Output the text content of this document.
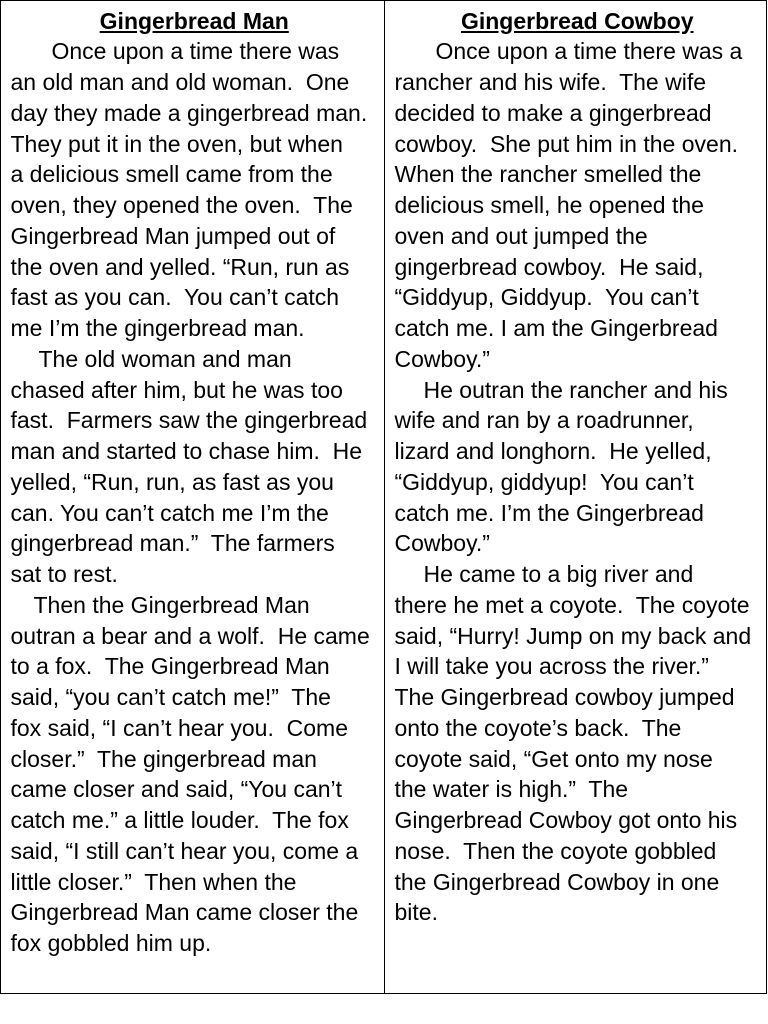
Gingerbread Man
Once upon a time there was
an old man and old woman.  One
day they made a gingerbread man.
They put it in the oven, but when
a delicious smell came from the
oven, they opened the oven.  The
Gingerbread Man jumped out of
the oven and yelled. “Run, run as
fast as you can.  You can’t catch
me I’m the gingerbread man.
The old woman and man
chased after him, but he was too
fast.  Farmers saw the gingerbread
man and started to chase him.  He
yelled, “Run, run, as fast as you
can. You can’t catch me I’m the
gingerbread man.”  The farmers
sat to rest.
Then the Gingerbread Man
outran a bear and a wolf.  He came
to a fox.  The Gingerbread Man
said, “you can’t catch me!”  The
fox said, “I can’t hear you.  Come
closer.”  The gingerbread man
came closer and said, “You can’t
catch me.” a little louder.  The fox
said, “I still can’t hear you, come a
little closer.”  Then when the
Gingerbread Man came closer the
fox gobbled him up.
Gingerbread Cowboy
Once upon a time there was a
rancher and his wife.  The wife
decided to make a gingerbread
cowboy.  She put him in the oven.
When the rancher smelled the
delicious smell, he opened the
oven and out jumped the
gingerbread cowboy.  He said,
“Giddyup, Giddyup.  You can’t
catch me. I am the Gingerbread
Cowboy.”
He outran the rancher and his
wife and ran by a roadrunner,
lizard and longhorn.  He yelled,
“Giddyup, giddyup!  You can’t
catch me. I’m the Gingerbread
Cowboy.”
He came to a big river and
there he met a coyote.  The coyote
said, “Hurry! Jump on my back and
I will take you across the river.”
The Gingerbread cowboy jumped
onto the coyote’s back.  The
coyote said, “Get onto my nose
the water is high.”  The
Gingerbread Cowboy got onto his
nose.  Then the coyote gobbled
the Gingerbread Cowboy in one
bite.
